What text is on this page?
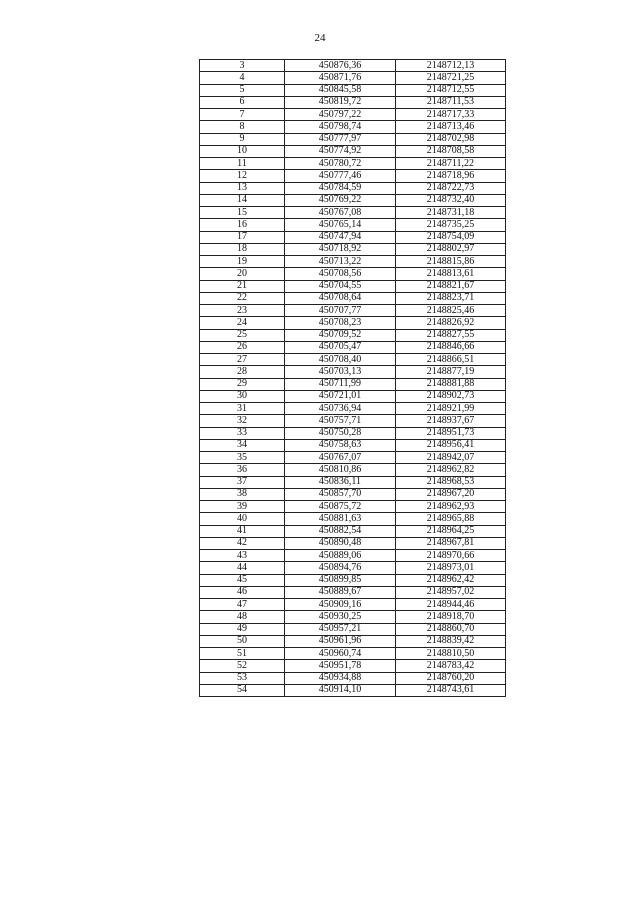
24
3	450876,36	2148712,13
4	450871,76	2148721,25
5	450845,58	2148712,55
6	450819,72	2148711,53
7	450797,22	2148717,33
8	450798,74	2148713,46
9	450777,97	2148702,98
10	450774,92	2148708,58
11	450780,72	2148711,22
12	450777,46	2148718,96
13	450784,59	2148722,73
14	450769,22	2148732,40
15	450767,08	2148731,18
16	450765,14	2148735,25
17	450747,94	2148754,09
18	450718,92	2148802,97
19	450713,22	2148815,86
20	450708,56	2148813,61
21	450704,55	2148821,67
22	450708,64	2148823,71
23	450707,77	2148825,46
24	450708,23	2148826,92
25	450709,52	2148827,55
26	450705,47	2148846,66
27	450708,40	2148866,51
28	450703,13	2148877,19
29	450711,99	2148881,88
30	450721,01	2148902,73
31	450736,94	2148921,99
32	450757,71	2148937,67
33	450750,28	2148951,73
34	450758,63	2148956,41
35	450767,07	2148942,07
36	450810,86	2148962,82
37	450836,11	2148968,53
38	450857,70	2148967,20
39	450875,72	2148962,93
40	450881,63	2148965,88
41	450882,54	2148964,25
42	450890,48	2148967,81
43	450889,06	2148970,66
44	450894,76	2148973,01
45	450899,85	2148962,42
46	450889,67	2148957,02
47	450909,16	2148944,46
48	450930,25	2148918,70
49	450957,21	2148860,70
50	450961,96	2148839,42
51	450960,74	2148810,50
52	450951,78	2148783,42
53	450934,88	2148760,20
54	450914,10	2148743,61
